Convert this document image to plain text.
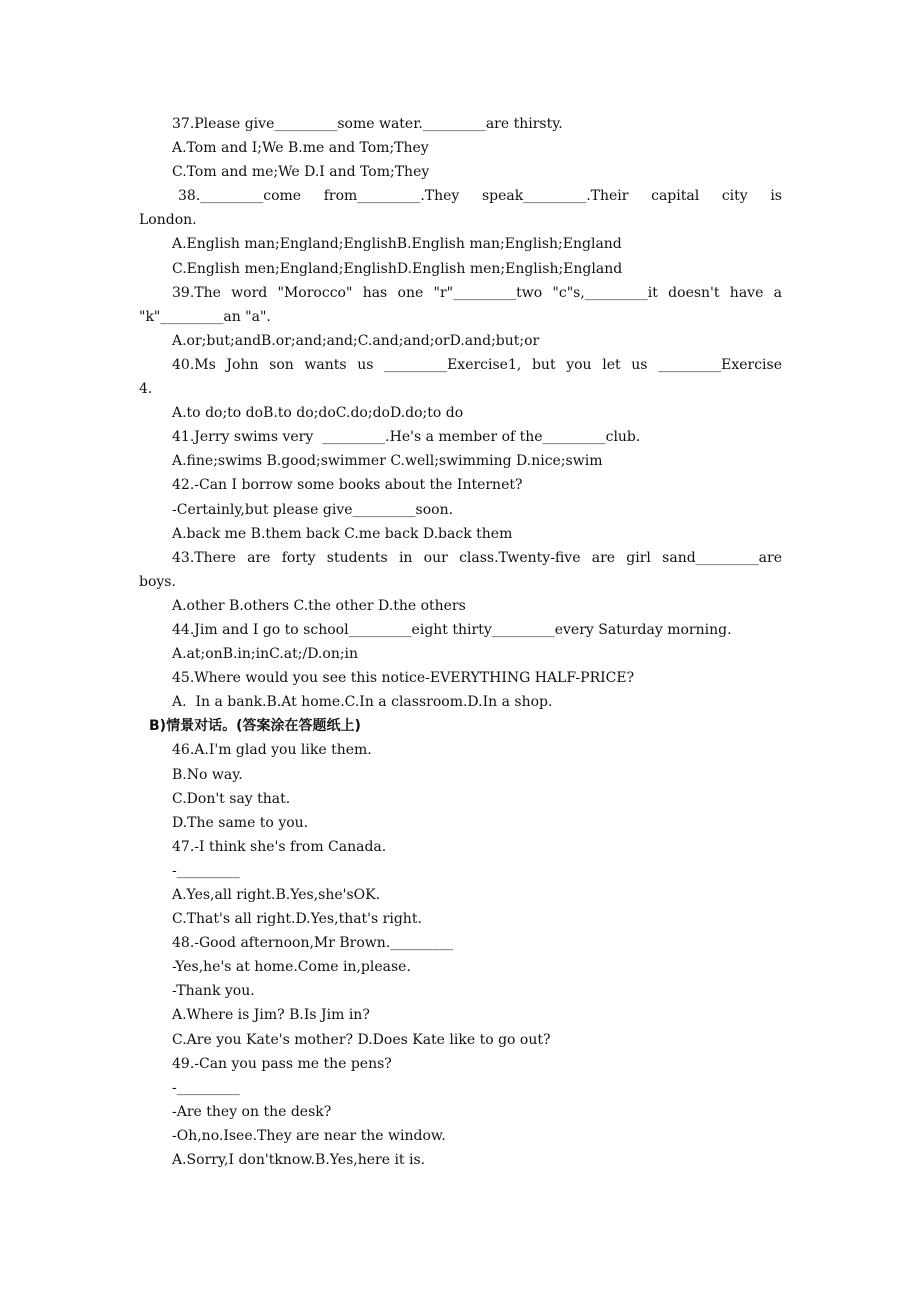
37.Please give_________some water._________are thirsty.
A.Tom and I;We B.me and Tom;They
C.Tom and me;We D.I and Tom;They
38._________come from_________.They speak_________.Their capital city is
London.
A.English man;England;EnglishB.English man;English;England
C.English men;England;EnglishD.English men;English;England
39.The word "Morocco" has one "r"_________two "c"s,_________it doesn't have a
"k"_________an "a".
A.or;but;andB.or;and;and;C.and;and;orD.and;but;or
40.Ms John son wants us _________Exercise1, but you let us _________Exercise
4.
A.to do;to doB.to do;doC.do;doD.do;to do
41.Jerry swims very  _________.He's a member of the_________club.
A.fine;swims B.good;swimmer C.well;swimming D.nice;swim
42.-Can I borrow some books about the Internet?
-Certainly,but please give_________soon.
A.back me B.them back C.me back D.back them
43.There are forty students in our class.Twenty-five are girl sand_________are
boys.
A.other B.others C.the other D.the others
44.Jim and I go to school_________eight thirty_________every Saturday morning.
A.at;onB.in;inC.at;/D.on;in
45.Where would you see this notice-EVERYTHING HALF-PRICE?
A.  In a bank.B.At home.C.In a classroom.D.In a shop.
B)情景对话。(答案涂在答题纸上)
46.A.I'm glad you like them.
B.No way.
C.Don't say that.
D.The same to you.
47.-I think she's from Canada.
-_________
A.Yes,all right.B.Yes,she'sOK.
C.That's all right.D.Yes,that's right.
48.-Good afternoon,Mr Brown._________
-Yes,he's at home.Come in,please.
-Thank you.
A.Where is Jim? B.Is Jim in?
C.Are you Kate's mother? D.Does Kate like to go out?
49.-Can you pass me the pens?
-_________
-Are they on the desk?
-Oh,no.Isee.They are near the window.
A.Sorry,I don'tknow.B.Yes,here it is.
